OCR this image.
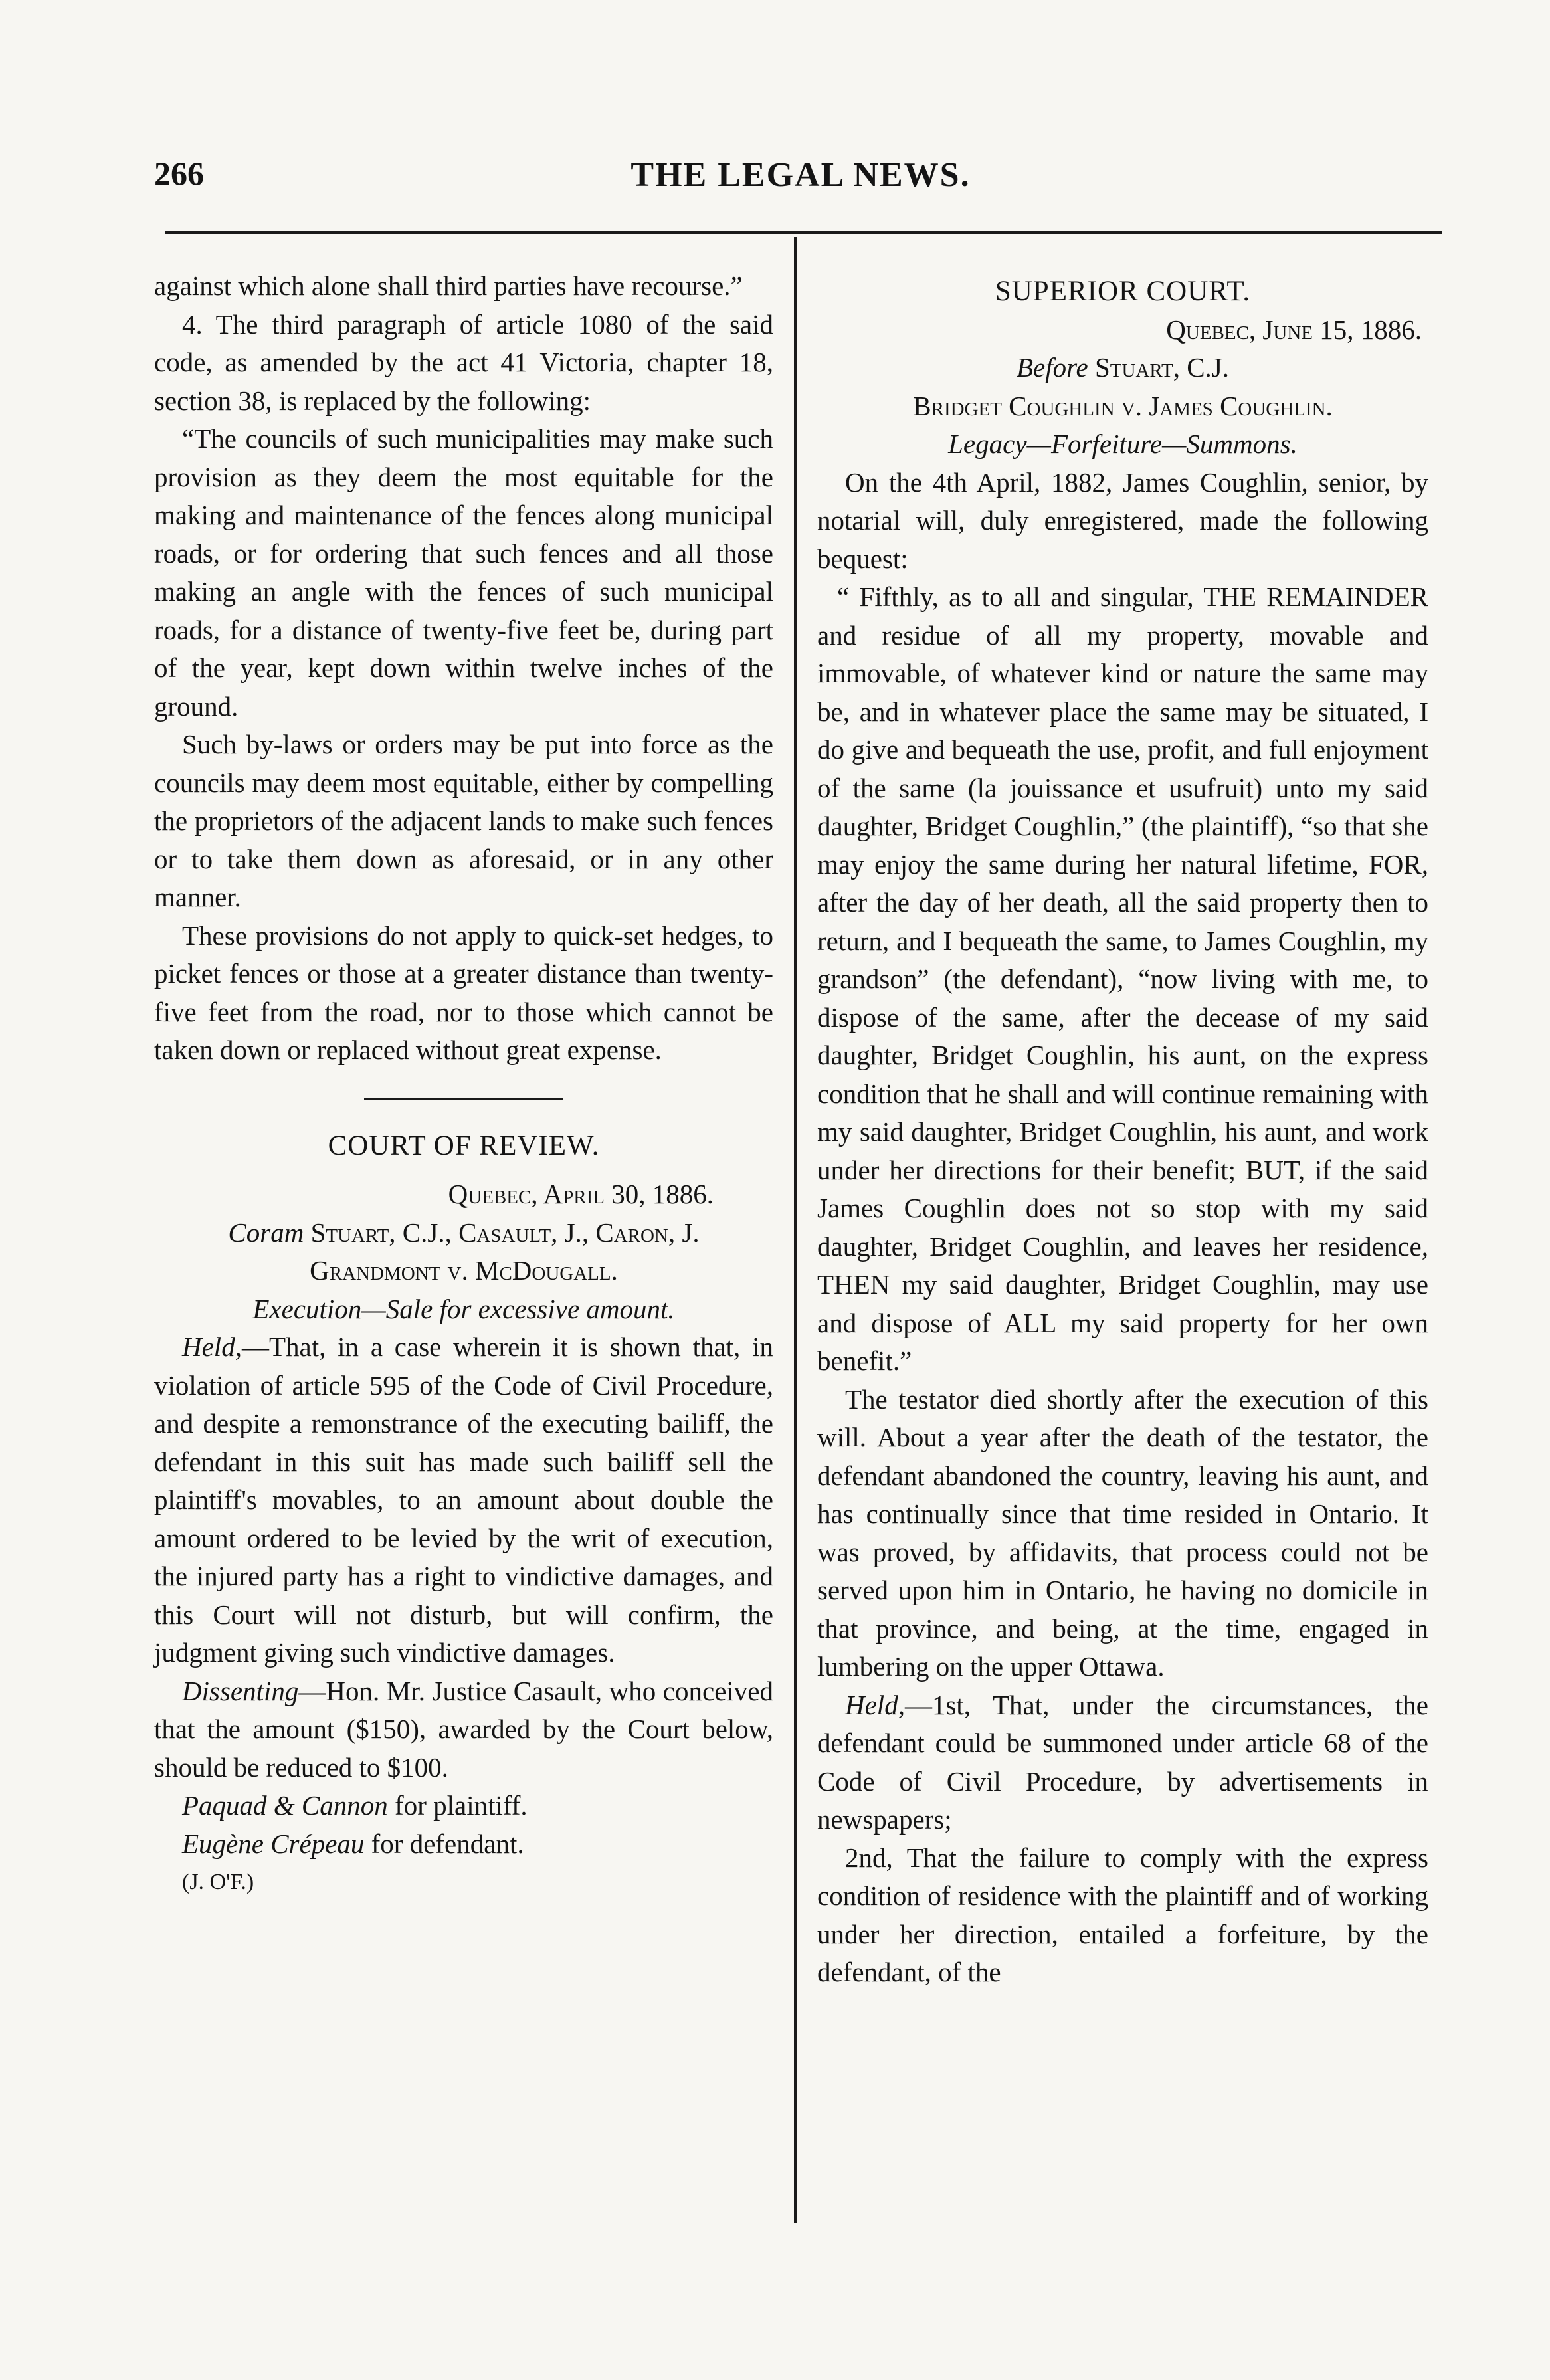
266	THE LEGAL NEWS.

against which alone shall third parties have recourse.”

4. The third paragraph of article 1080 of the said code, as amended by the act 41 Victoria, chapter 18, section 38, is replaced by the following:

“The councils of such municipalities may make such provision as they deem the most equitable for the making and maintenance of the fences along municipal roads, or for ordering that such fences and all those making an angle with the fences of such municipal roads, for a distance of twenty-five feet be, during part of the year, kept down within twelve inches of the ground.

Such by-laws or orders may be put into force as the councils may deem most equitable, either by compelling the proprietors of the adjacent lands to make such fences or to take them down as aforesaid, or in any other manner.

These provisions do not apply to quick-set hedges, to picket fences or those at a greater distance than twenty-five feet from the road, nor to those which cannot be taken down or replaced without great expense.

COURT OF REVIEW.

Quebec, April 30, 1886.

Coram Stuart, C.J., Casault, J., Caron, J.

Grandmont v. McDougall.

Execution—Sale for excessive amount.

Held,—That, in a case wherein it is shown that, in violation of article 595 of the Code of Civil Procedure, and despite a remonstrance of the executing bailiff, the defendant in this suit has made such bailiff sell the plaintiff's movables, to an amount about double the amount ordered to be levied by the writ of execution, the injured party has a right to vindictive damages, and this Court will not disturb, but will confirm, the judgment giving such vindictive damages.

Dissenting—Hon. Mr. Justice Casault, who conceived that the amount ($150), awarded by the Court below, should be reduced to $100.

Paquad & Cannon for plaintiff.

Eugène Crépeau for defendant.

(J. O'F.)

SUPERIOR COURT.

Quebec, June 15, 1886.

Before Stuart, C.J.

Bridget Coughlin v. James Coughlin.

Legacy—Forfeiture—Summons.

On the 4th April, 1882, James Coughlin, senior, by notarial will, duly enregistered, made the following bequest:

“ Fifthly, as to all and singular, THE REMAINDER and residue of all my property, movable and immovable, of whatever kind or nature the same may be, and in whatever place the same may be situated, I do give and bequeath the use, profit, and full enjoyment of the same (la jouissance et usufruit) unto my said daughter, Bridget Coughlin,” (the plaintiff), “so that she may enjoy the same during her natural lifetime, FOR, after the day of her death, all the said property then to return, and I bequeath the same, to James Coughlin, my grandson” (the defendant), “now living with me, to dispose of the same, after the decease of my said daughter, Bridget Coughlin, his aunt, on the express condition that he shall and will continue remaining with my said daughter, Bridget Coughlin, his aunt, and work under her directions for their benefit; BUT, if the said James Coughlin does not so stop with my said daughter, Bridget Coughlin, and leaves her residence, THEN my said daughter, Bridget Coughlin, may use and dispose of ALL my said property for her own benefit.”

The testator died shortly after the execution of this will. About a year after the death of the testator, the defendant abandoned the country, leaving his aunt, and has continually since that time resided in Ontario. It was proved, by affidavits, that process could not be served upon him in Ontario, he having no domicile in that province, and being, at the time, engaged in lumbering on the upper Ottawa.

Held,—1st, That, under the circumstances, the defendant could be summoned under article 68 of the Code of Civil Procedure, by advertisements in newspapers;

2nd, That the failure to comply with the express condition of residence with the plaintiff and of working under her direction, entailed a forfeiture, by the defendant, of the
